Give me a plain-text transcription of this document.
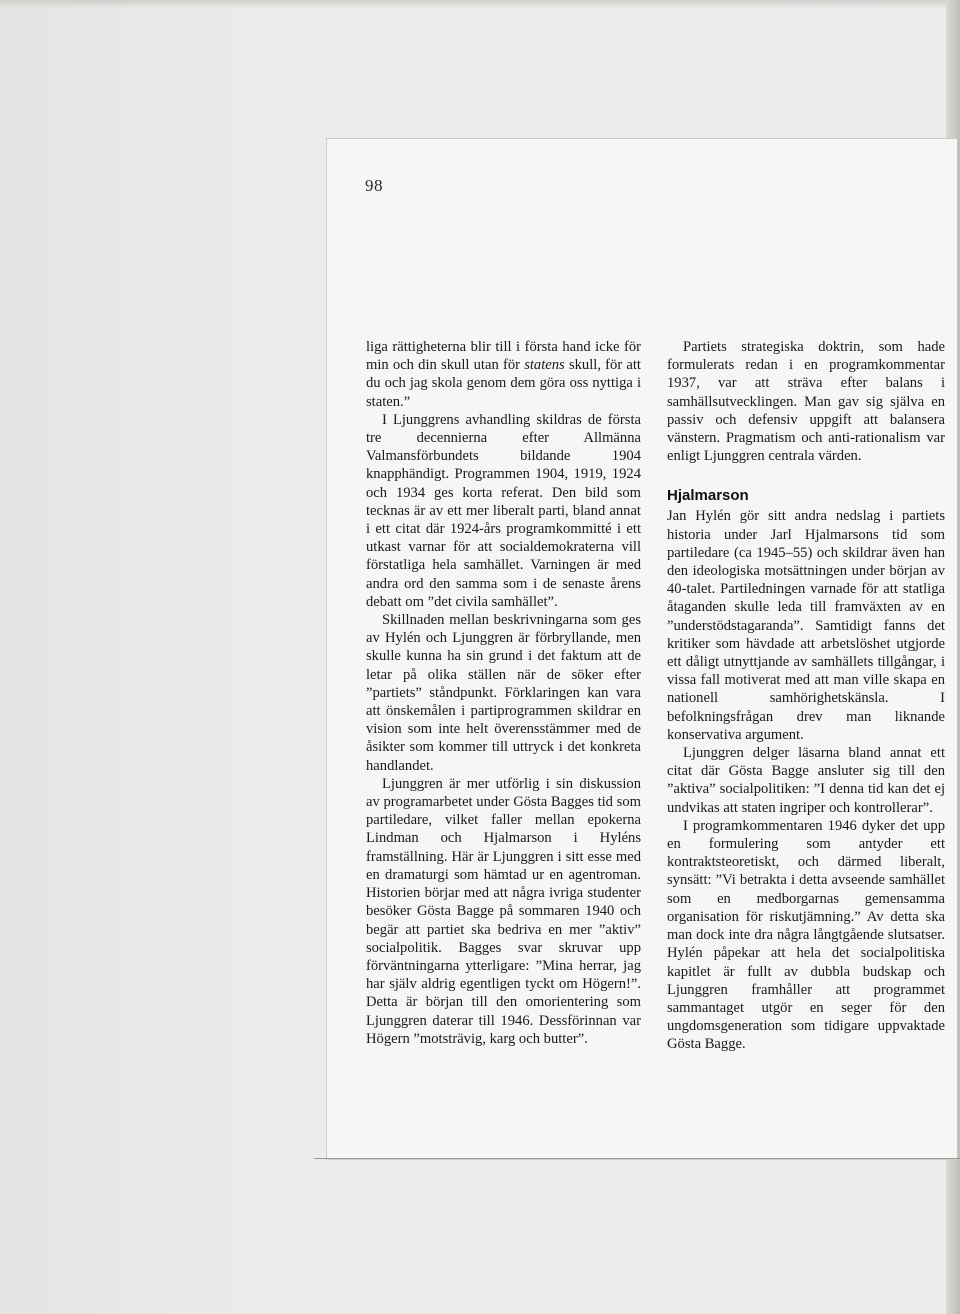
98

liga rättigheterna blir till i första hand icke för min och din skull utan för statens skull, för att du och jag skola genom dem göra oss nyttiga i staten.”

I Ljunggrens avhandling skildras de första tre decennierna efter Allmänna Valmansförbundets bildande 1904 knapphändigt. Programmen 1904, 1919, 1924 och 1934 ges korta referat. Den bild som tecknas är av ett mer liberalt parti, bland annat i ett citat där 1924-års programkommitté i ett utkast varnar för att socialdemokraterna vill förstatliga hela samhället. Varningen är med andra ord den samma som i de senaste årens debatt om ”det civila samhället”.

Skillnaden mellan beskrivningarna som ges av Hylén och Ljunggren är förbryllande, men skulle kunna ha sin grund i det faktum att de letar på olika ställen när de söker efter ”partiets” ståndpunkt. Förklaringen kan vara att önskemålen i partiprogrammen skildrar en vision som inte helt överensstämmer med de åsikter som kommer till uttryck i det konkreta handlandet.

Ljunggren är mer utförlig i sin diskussion av programarbetet under Gösta Bagges tid som partiledare, vilket faller mellan epokerna Lindman och Hjalmarson i Hyléns framställning. Här är Ljunggren i sitt esse med en dramaturgi som hämtad ur en agentroman. Historien börjar med att några ivriga studenter besöker Gösta Bagge på sommaren 1940 och begär att partiet ska bedriva en mer ”aktiv” socialpolitik. Bagges svar skruvar upp förväntningarna ytterligare: ”Mina herrar, jag har själv aldrig egentligen tyckt om Högern!”. Detta är början till den omorientering som Ljunggren daterar till 1946. Dessförinnan var Högern ”motsträvig, karg och butter”.

Partiets strategiska doktrin, som hade formulerats redan i en programkommentar 1937, var att sträva efter balans i samhällsutvecklingen. Man gav sig själva en passiv och defensiv uppgift att balansera vänstern. Pragmatism och anti-rationalism var enligt Ljunggren centrala värden.

Hjalmarson

Jan Hylén gör sitt andra nedslag i partiets historia under Jarl Hjalmarsons tid som partiledare (ca 1945–55) och skildrar även han den ideologiska motsättningen under början av 40-talet. Partiledningen varnade för att statliga åtaganden skulle leda till framväxten av en ”understödstagaranda”. Samtidigt fanns det kritiker som hävdade att arbetslöshet utgjorde ett dåligt utnyttjande av samhällets tillgångar, i vissa fall motiverat med att man ville skapa en nationell samhörighetskänsla. I befolkningsfrågan drev man liknande konservativa argument.

Ljunggren delger läsarna bland annat ett citat där Gösta Bagge ansluter sig till den ”aktiva” socialpolitiken: ”I denna tid kan det ej undvikas att staten ingriper och kontrollerar”.

I programkommentaren 1946 dyker det upp en formulering som antyder ett kontraktsteoretiskt, och därmed liberalt, synsätt: ”Vi betrakta i detta avseende samhället som en medborgarnas gemensamma organisation för riskutjämning.” Av detta ska man dock inte dra några långtgående slutsatser. Hylén påpekar att hela det socialpolitiska kapitlet är fullt av dubbla budskap och Ljunggren framhåller att programmet sammantaget utgör en seger för den ungdomsgeneration som tidigare uppvaktade Gösta Bagge.
